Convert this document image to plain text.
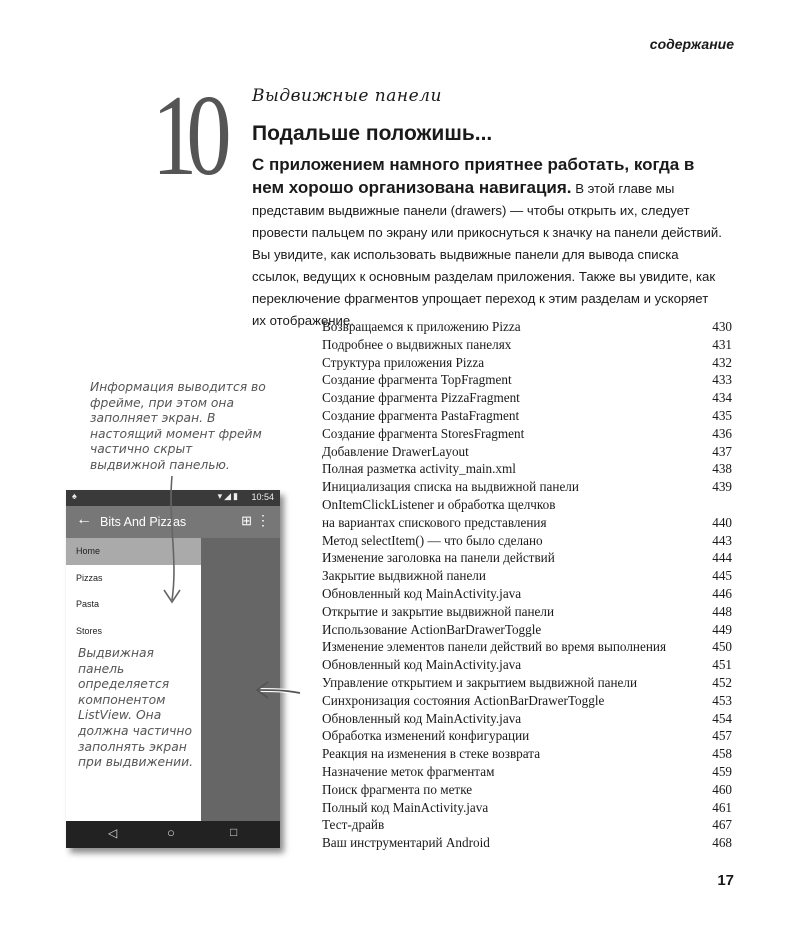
содержание
10 Выдвижные панели
Подальше положишь...
С приложением намного приятнее работать, когда в нем хорошо организована навигация. В этой главе мы представим выдвижные панели (drawers) — чтобы открыть их, следует провести пальцем по экрану или прикоснуться к значку на панели действий. Вы увидите, как использовать выдвижные панели для вывода списка ссылок, ведущих к основным разделам приложения. Также вы увидите, как переключение фрагментов упрощает переход к этим разделам и ускоряет их отображение.
Возвращаемся к приложению Pizza	430
Подробнее о выдвижных панелях	431
Структура приложения Pizza	432
Создание фрагмента TopFragment	433
Создание фрагмента PizzaFragment	434
Создание фрагмента PastaFragment	435
Создание фрагмента StoresFragment	436
Добавление DrawerLayout	437
Полная разметка activity_main.xml	438
Инициализация списка на выдвижной панели	439
OnItemClickListener и обработка щелчков
на вариантах спискового представления	440
Метод selectItem() — что было сделано	443
Изменение заголовка на панели действий	444
Закрытие выдвижной панели	445
Обновленный код MainActivity.java	446
Открытие и закрытие выдвижной панели	448
Использование ActionBarDrawerToggle	449
Изменение элементов панели действий во время выполнения	450
Обновленный код MainActivity.java	451
Управление открытием и закрытием выдвижной панели	452
Синхронизация состояния ActionBarDrawerToggle	453
Обновленный код MainActivity.java	454
Обработка изменений конфигурации	457
Реакция на изменения в стеке возврата	458
Назначение меток фрагментам	459
Поиск фрагмента по метке	460
Полный код MainActivity.java	461
Тест-драйв	467
Ваш инструментарий Android	468
Информация выводится во фрейме, при этом она заполняет экран. В настоящий момент фрейм частично скрыт выдвижной панелью.
♠	▾◢▮ 10:54
← Bits And Pizzas	⊞ ⋮
Home
Pizzas
Pasta
Stores
◁	○	□
Выдвижная панель определяется компонентом ListView. Она должна частично заполнять экран при выдвижении.
17
